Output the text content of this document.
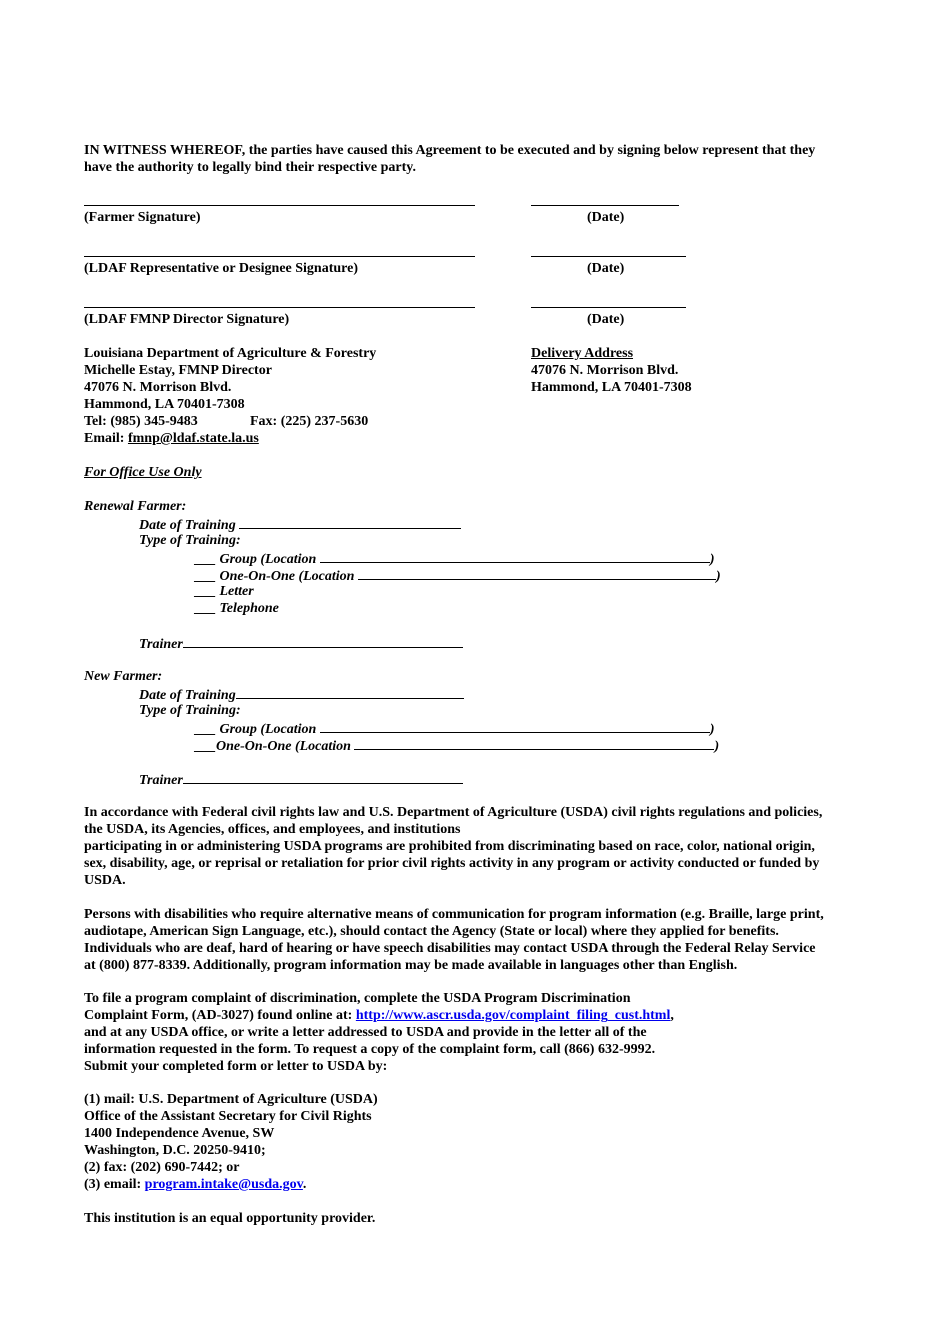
IN WITNESS WHEREOF, the parties have caused this Agreement to be executed and by signing below represent that they
have the authority to legally bind their respective party.
(Farmer Signature)	(Date)
(LDAF Representative or Designee Signature)	(Date)
(LDAF FMNP Director Signature)	(Date)
Louisiana Department of Agriculture & Forestry
Michelle Estay, FMNP Director
47076 N. Morrison Blvd.
Hammond, LA 70401-7308
Tel: (985) 345-9483	Fax: (225) 237-5630
Email: fmnp@ldaf.state.la.us
Delivery Address
47076 N. Morrison Blvd.
Hammond, LA 70401-7308
For Office Use Only
Renewal Farmer:
Date of Training
Type of Training:
___ Group (Location	)
___ One-On-One (Location	)
___ Letter
___ Telephone
Trainer
New Farmer:
Date of Training
Type of Training:
___ Group (Location	)
___One-On-One (Location	)
Trainer
In accordance with Federal civil rights law and U.S. Department of Agriculture (USDA) civil rights regulations and policies,
the USDA, its Agencies, offices, and employees, and institutions
participating in or administering USDA programs are prohibited from discriminating based on race, color, national origin,
sex, disability, age, or reprisal or retaliation for prior civil rights activity in any program or activity conducted or funded by
USDA.
Persons with disabilities who require alternative means of communication for program information (e.g. Braille, large print,
audiotape, American Sign Language, etc.), should contact the Agency (State or local) where they applied for benefits.
Individuals who are deaf, hard of hearing or have speech disabilities may contact USDA through the Federal Relay Service
at (800) 877-8339. Additionally, program information may be made available in languages other than English.
To file a program complaint of discrimination, complete the USDA Program Discrimination
Complaint Form, (AD-3027) found online at: http://www.ascr.usda.gov/complaint_filing_cust.html,
and at any USDA office, or write a letter addressed to USDA and provide in the letter all of the
information requested in the form. To request a copy of the complaint form, call (866) 632-9992.
Submit your completed form or letter to USDA by:
(1) mail: U.S. Department of Agriculture (USDA)
Office of the Assistant Secretary for Civil Rights
1400 Independence Avenue, SW
Washington, D.C. 20250-9410;
(2) fax: (202) 690-7442; or
(3) email: program.intake@usda.gov.
This institution is an equal opportunity provider.
